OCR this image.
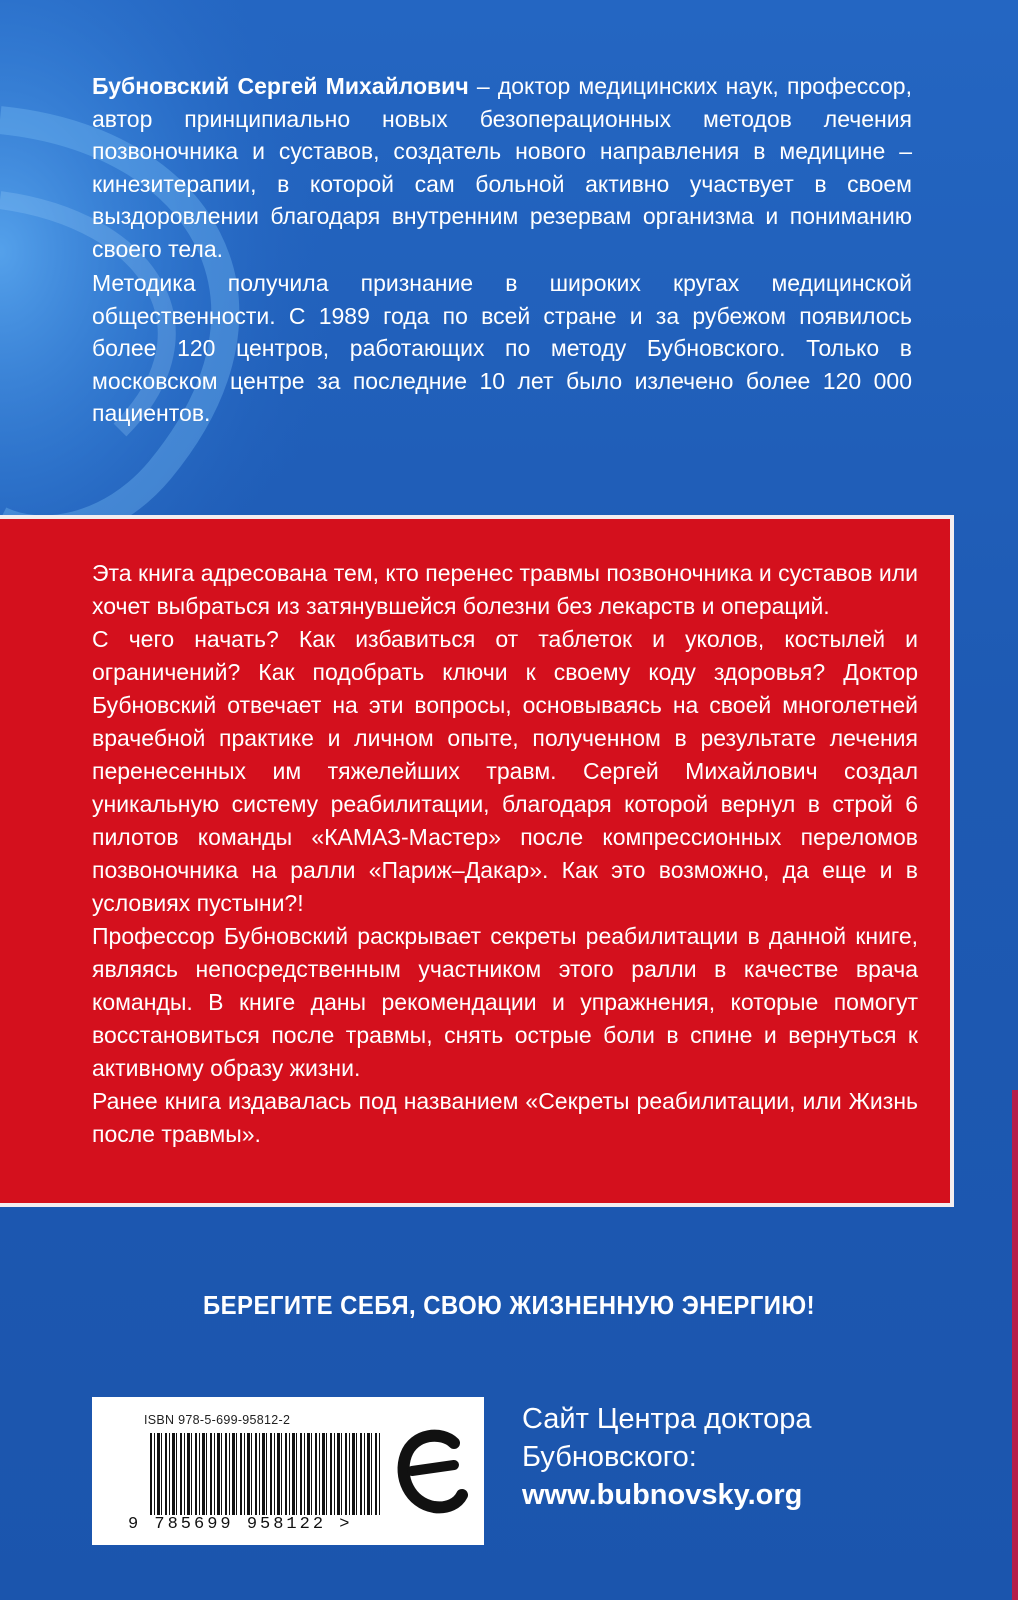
Бубновский Сергей Михайлович – доктор медицинских наук, профессор, автор принципиально новых безоперационных методов лечения позвоночника и суставов, создатель нового направления в медицине – кинезитерапии, в которой сам больной активно участвует в своем выздоровлении благодаря внутренним резервам организма и пониманию своего тела.

Методика получила признание в широких кругах медицинской общественности. С 1989 года по всей стране и за рубежом появилось более 120 центров, работающих по методу Бубновского. Только в московском центре за последние 10 лет было излечено более 120 000 пациентов.

Эта книга адресована тем, кто перенес травмы позвоночника и суставов или хочет выбраться из затянувшейся болезни без лекарств и операций.

С чего начать? Как избавиться от таблеток и уколов, костылей и ограничений? Как подобрать ключи к своему коду здоровья? Доктор Бубновский отвечает на эти вопросы, основываясь на своей многолетней врачебной практике и личном опыте, полученном в результате лечения перенесенных им тяжелейших травм. Сергей Михайлович создал уникальную систему реабилитации, благодаря которой вернул в строй 6 пилотов команды «КАМАЗ-Мастер» после компрессионных переломов позвоночника на ралли «Париж–Дакар». Как это возможно, да еще и в условиях пустыни?!

Профессор Бубновский раскрывает секреты реабилитации в данной книге, являясь непосредственным участником этого ралли в качестве врача команды. В книге даны рекомендации и упражнения, которые помогут восстановиться после травмы, снять острые боли в спине и вернуться к активному образу жизни.

Ранее книга издавалась под названием «Секреты реабилитации, или Жизнь после травмы».

БЕРЕГИТЕ СЕБЯ, СВОЮ ЖИЗНЕННУЮ ЭНЕРГИЮ!
ISBN 978-5-699-95812-2
9 785699 958122 >
Сайт Центра доктора
Бубновского:
www.bubnovsky.org
